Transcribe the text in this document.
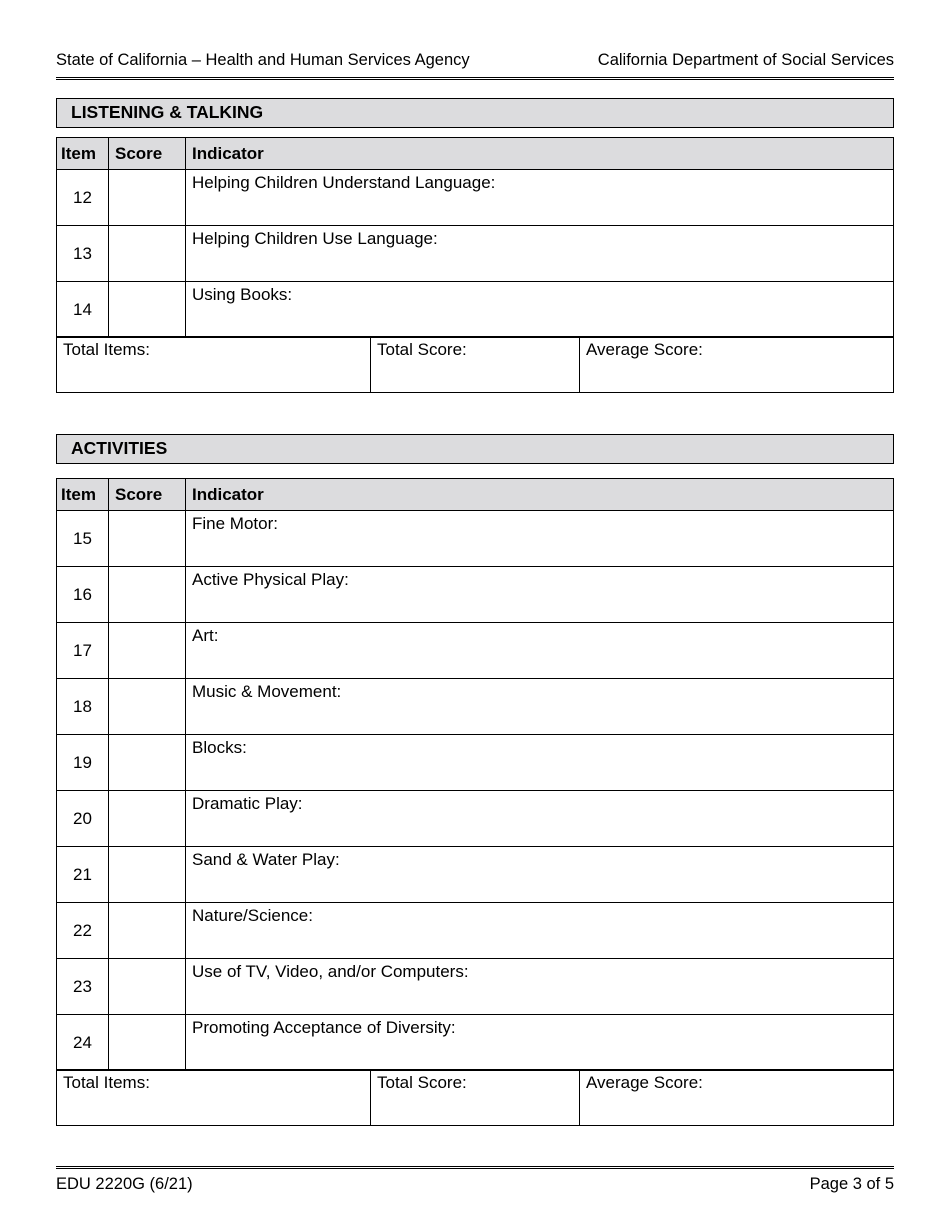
State of California – Health and Human Services Agency	California Department of Social Services
LISTENING & TALKING
Item	Score	Indicator
12		Helping Children Understand Language:
13		Helping Children Use Language:
14		Using Books:
Total Items:	Total Score:	Average Score:
ACTIVITIES
Item	Score	Indicator
15		Fine Motor:
16		Active Physical Play:
17		Art:
18		Music & Movement:
19		Blocks:
20		Dramatic Play:
21		Sand & Water Play:
22		Nature/Science:
23		Use of TV, Video, and/or Computers:
24		Promoting Acceptance of Diversity:
Total Items:	Total Score:	Average Score:
EDU 2220G (6/21)	Page 3 of 5
